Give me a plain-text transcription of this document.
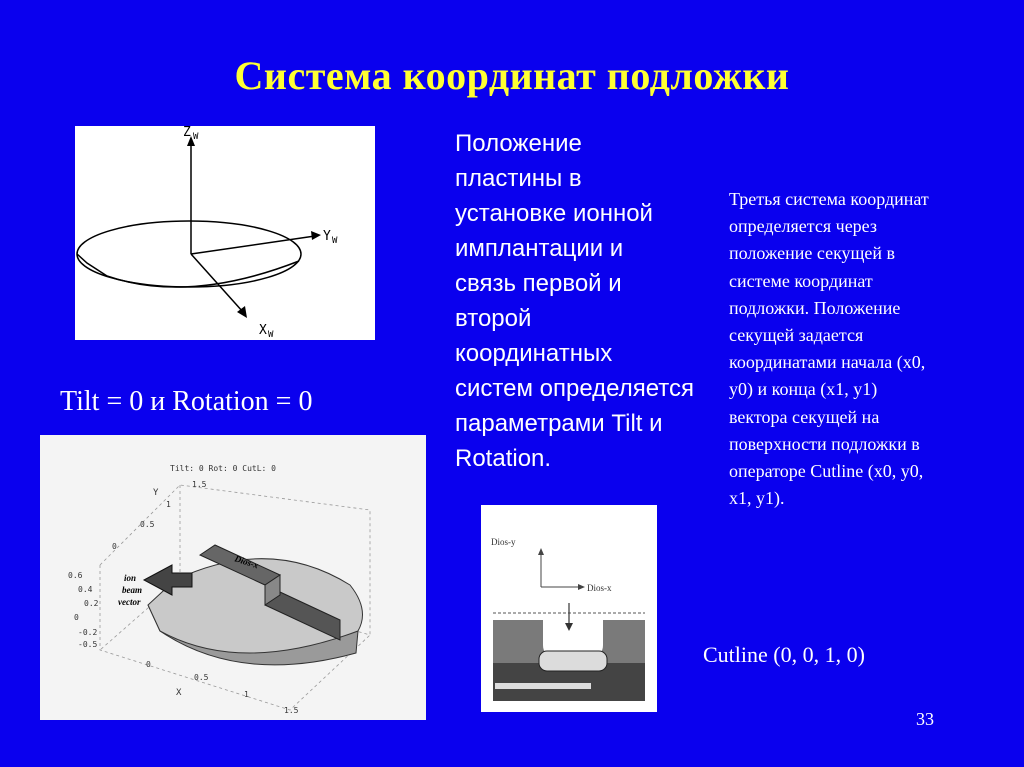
Система координат подложки
Z W
Y W
X W
Tilt = 0 и Rotation = 0
Tilt: 0 Rot: 0 CutL: 0
Y
X
1.5
1
0.5
0
0.6
0.4
0.2
0
-0.2
-0.5
0
0.5
1
1.5
ion
beam
vector
Dios-x
Положение
пластины в
установке ионной
имплантации и
связь первой и
второй
координатных
систем определяется
параметрами Tilt и
Rotation.
Третья система координат
определяется через
положение секущей в
системе координат
подложки. Положение
секущей задается
координатами начала (x0,
y0) и конца (x1, y1)
вектора секущей на
поверхности подложки в
операторе Cutline (x0, y0,
x1, y1).
Dios-y
Dios-x
Cutline (0, 0, 1, 0)
33
